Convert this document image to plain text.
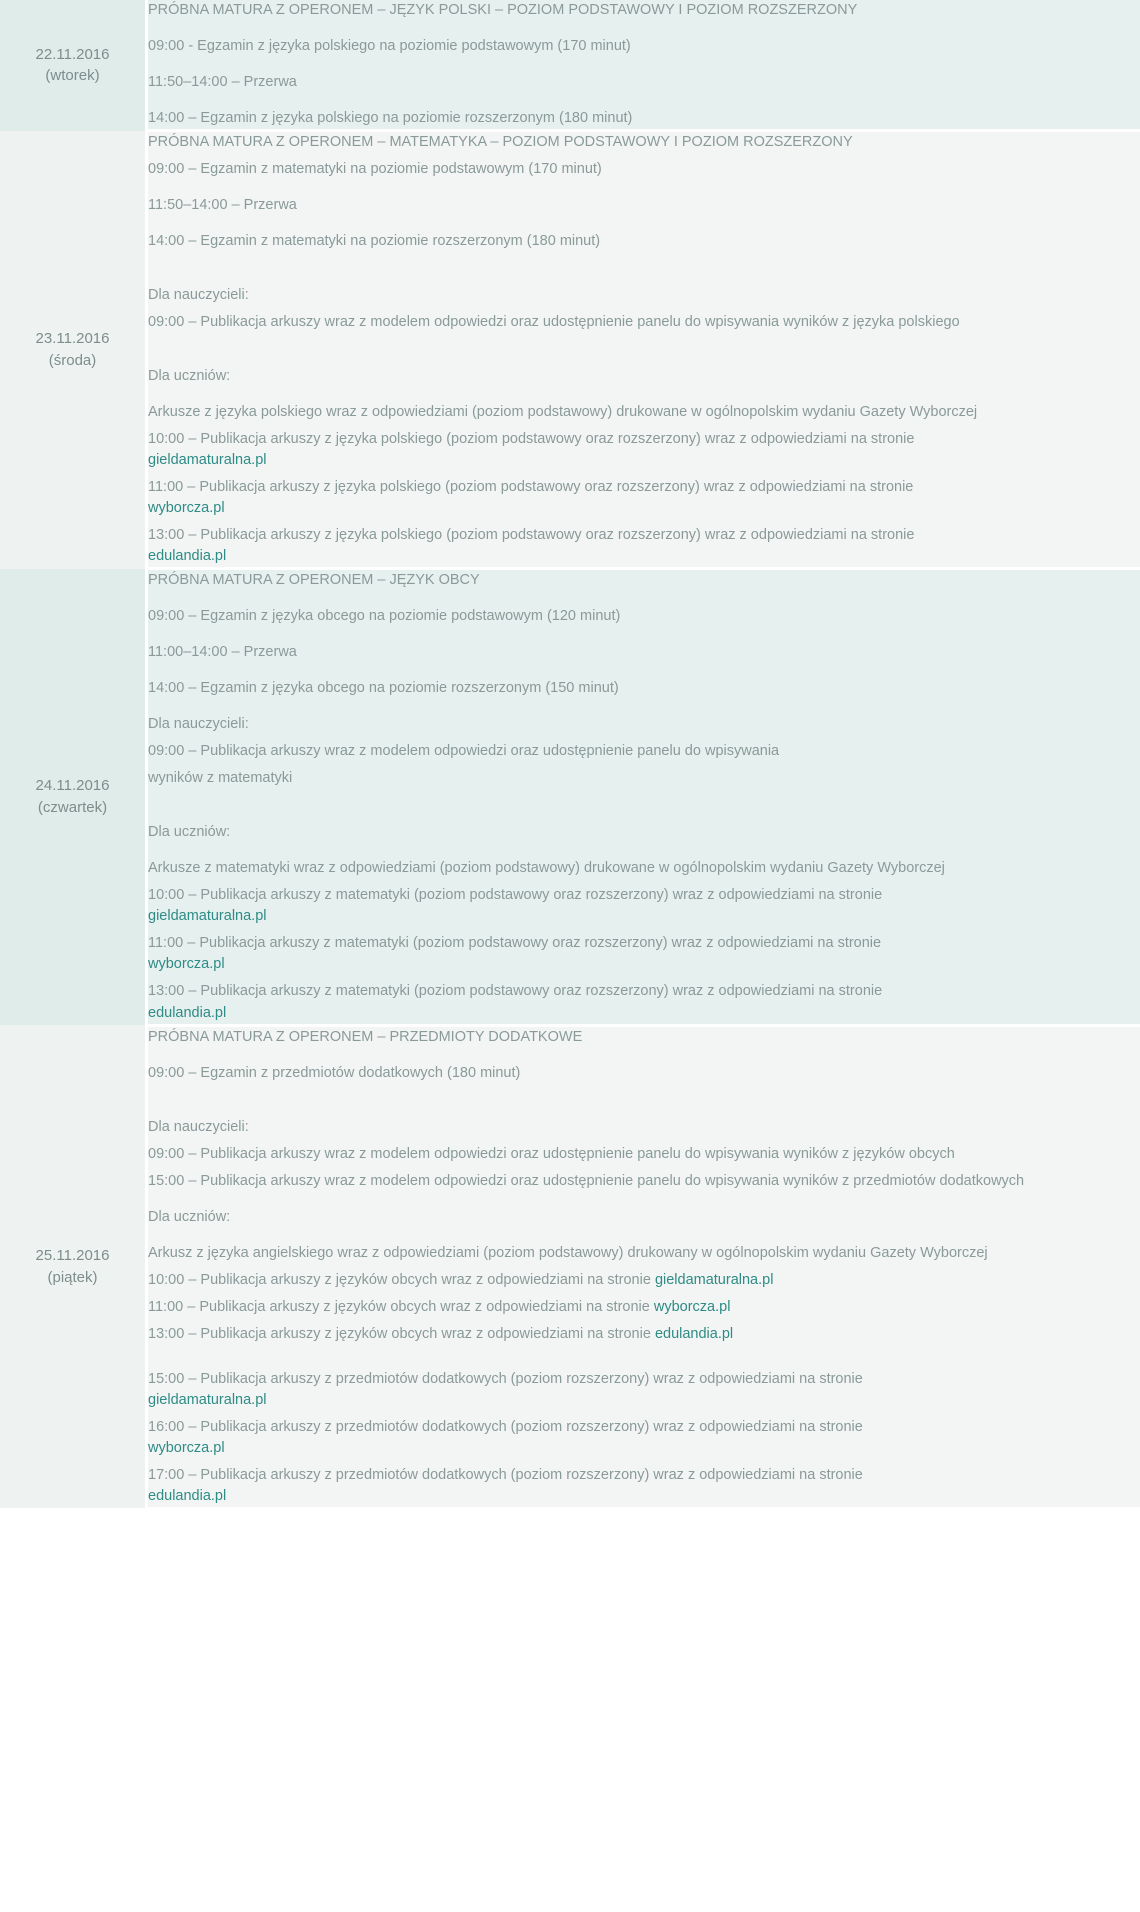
22.11.2016
(wtorek)

PRÓBNA MATURA Z OPERONEM – JĘZYK POLSKI – POZIOM PODSTAWOWY I POZIOM ROZSZERZONY
09:00 - Egzamin z języka polskiego na poziomie podstawowym (170 minut)
11:50–14:00 – Przerwa
14:00 – Egzamin z języka polskiego na poziomie rozszerzonym (180 minut)

23.11.2016
(środa)

PRÓBNA MATURA Z OPERONEM – MATEMATYKA – POZIOM PODSTAWOWY I POZIOM ROZSZERZONY
09:00 – Egzamin z matematyki na poziomie podstawowym (170 minut)
11:50–14:00 – Przerwa
14:00 – Egzamin z matematyki na poziomie rozszerzonym (180 minut)
Dla nauczycieli:
09:00 – Publikacja arkuszy wraz z modelem odpowiedzi oraz udostępnienie panelu do wpisywania wyników z języka polskiego
Dla uczniów:
Arkusze z języka polskiego wraz z odpowiedziami (poziom podstawowy) drukowane w ogólnopolskim wydaniu Gazety Wyborczej
10:00 – Publikacja arkuszy z języka polskiego (poziom podstawowy oraz rozszerzony) wraz z odpowiedziami na stronie
gieldamaturalna.pl
11:00 – Publikacja arkuszy z języka polskiego (poziom podstawowy oraz rozszerzony) wraz z odpowiedziami na stronie
wyborcza.pl
13:00 – Publikacja arkuszy z języka polskiego (poziom podstawowy oraz rozszerzony) wraz z odpowiedziami na stronie
edulandia.pl

24.11.2016
(czwartek)

PRÓBNA MATURA Z OPERONEM – JĘZYK OBCY
09:00 – Egzamin z języka obcego na poziomie podstawowym (120 minut)
11:00–14:00 – Przerwa
14:00 – Egzamin z języka obcego na poziomie rozszerzonym (150 minut)
Dla nauczycieli:
09:00 – Publikacja arkuszy wraz z modelem odpowiedzi oraz udostępnienie panelu do wpisywania
wyników z matematyki
Dla uczniów:
Arkusze z matematyki wraz z odpowiedziami (poziom podstawowy) drukowane w ogólnopolskim wydaniu Gazety Wyborczej
10:00 – Publikacja arkuszy z matematyki (poziom podstawowy oraz rozszerzony) wraz z odpowiedziami na stronie
gieldamaturalna.pl
11:00 – Publikacja arkuszy z matematyki (poziom podstawowy oraz rozszerzony) wraz z odpowiedziami na stronie
wyborcza.pl
13:00 – Publikacja arkuszy z matematyki (poziom podstawowy oraz rozszerzony) wraz z odpowiedziami na stronie
edulandia.pl

25.11.2016
(piątek)

PRÓBNA MATURA Z OPERONEM – PRZEDMIOTY DODATKOWE
09:00 – Egzamin z przedmiotów dodatkowych (180 minut)
Dla nauczycieli:
09:00 – Publikacja arkuszy wraz z modelem odpowiedzi oraz udostępnienie panelu do wpisywania wyników z języków obcych
15:00 – Publikacja arkuszy wraz z modelem odpowiedzi oraz udostępnienie panelu do wpisywania wyników z przedmiotów dodatkowych
Dla uczniów:
Arkusz z języka angielskiego wraz z odpowiedziami (poziom podstawowy) drukowany w ogólnopolskim wydaniu Gazety Wyborczej
10:00 – Publikacja arkuszy z języków obcych wraz z odpowiedziami na stronie gieldamaturalna.pl
11:00 – Publikacja arkuszy z języków obcych wraz z odpowiedziami na stronie wyborcza.pl
13:00 – Publikacja arkuszy z języków obcych wraz z odpowiedziami na stronie edulandia.pl
15:00 – Publikacja arkuszy z przedmiotów dodatkowych (poziom rozszerzony) wraz z odpowiedziami na stronie
gieldamaturalna.pl
16:00 – Publikacja arkuszy z przedmiotów dodatkowych (poziom rozszerzony) wraz z odpowiedziami na stronie
wyborcza.pl
17:00 – Publikacja arkuszy z przedmiotów dodatkowych (poziom rozszerzony) wraz z odpowiedziami na stronie
edulandia.pl
